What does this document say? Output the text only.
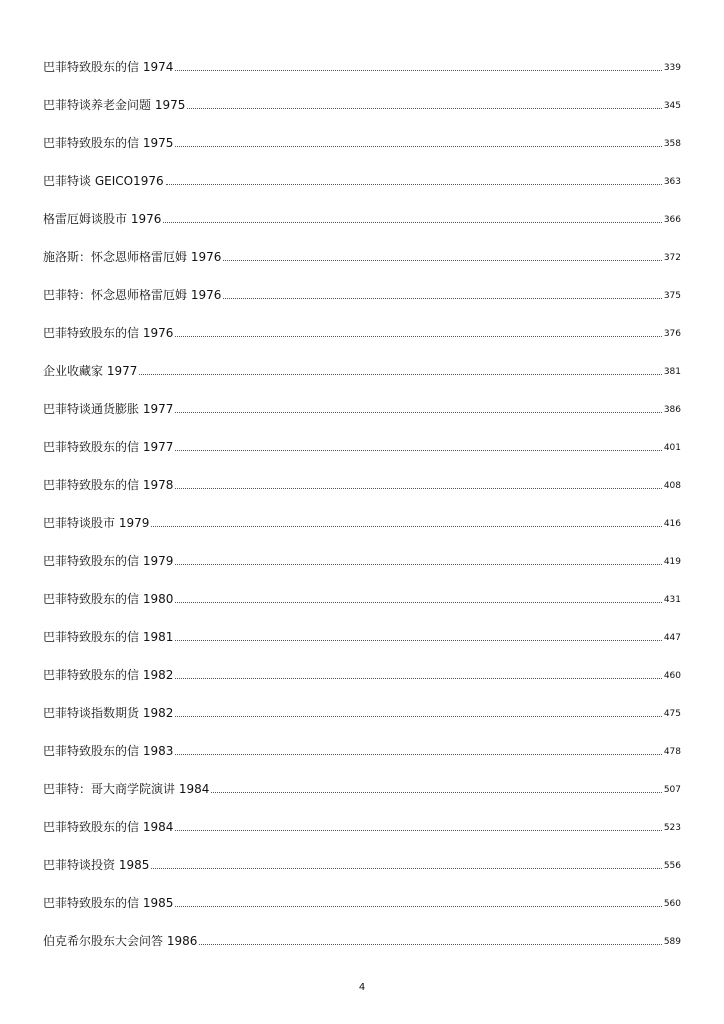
巴菲特致股东的信 1974	339
巴菲特谈养老金问题 1975	345
巴菲特致股东的信 1975	358
巴菲特谈 GEICO1976	363
格雷厄姆谈股市 1976	366
施洛斯：怀念恩师格雷厄姆 1976	372
巴菲特：怀念恩师格雷厄姆 1976	375
巴菲特致股东的信 1976	376
企业收藏家 1977	381
巴菲特谈通货膨胀 1977	386
巴菲特致股东的信 1977	401
巴菲特致股东的信 1978	408
巴菲特谈股市 1979	416
巴菲特致股东的信 1979	419
巴菲特致股东的信 1980	431
巴菲特致股东的信 1981	447
巴菲特致股东的信 1982	460
巴菲特谈指数期货 1982	475
巴菲特致股东的信 1983	478
巴菲特：哥大商学院演讲 1984	507
巴菲特致股东的信 1984	523
巴菲特谈投资 1985	556
巴菲特致股东的信 1985	560
伯克希尔股东大会问答 1986	589
4
